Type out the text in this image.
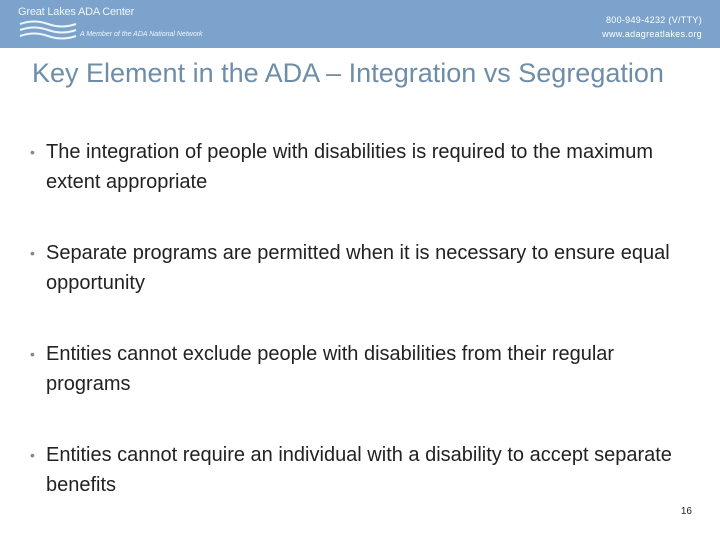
Great Lakes ADA Center
A Member of the ADA National Network
800-949-4232 (V/TTY)
www.adagreatlakes.org
Key Element in the ADA – Integration vs Segregation
• The integration of people with disabilities is required to the maximum extent appropriate
• Separate programs are permitted when it is necessary to ensure equal opportunity
• Entities cannot exclude people with disabilities from their regular programs
• Entities cannot require an individual with a disability to accept separate benefits
16
